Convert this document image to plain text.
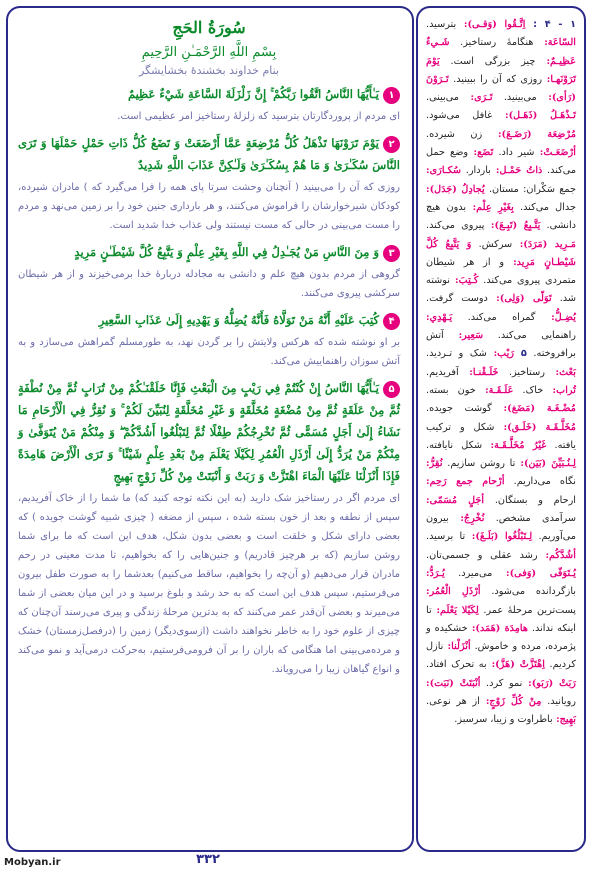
سُورَةُ الحَجِ
بِسْمِ اللَّهِ الرَّحْمَـٰنِ الرَّحِيمِ
بنام خداوند بخشندۀ بخشایشگر
۱يَـٰأَيُّهَا النَّاسُ اتَّقُوا رَبَّكُمْ ۚ إِنَّ زَلْزَلَةَ السَّاعَةِ شَيْءٌ عَظِيمٌ
ای مردم از پروردگارتان بترسید که زلزلۀ رستاخیز امر عظیمی است.
۲يَوْمَ تَرَوْنَهَا تَذْهَلُ كُلُّ مُرْضِعَةٍ عَمَّا أَرْضَعَتْ وَ تَضَعُ كُلُّ ذَاتِ حَمْلٍ حَمْلَهَا وَ تَرَى النَّاسَ سُكَـٰرَىٰ وَ مَا هُمْ بِسُكَـٰرَىٰ وَلَـٰكِنَّ عَذَابَ اللَّهِ شَدِيدٌ
روزی که آن را می‌بینید ( آنچنان وحشت سرتا پای همه را فرا می‌گیرد که ) مادران شیرده، کودکان شیرخوارشان را فراموش می‌کنند، و هر بارداری جنین خود را بر زمین می‌نهد و مردم را مست می‌بینی در حالی که مست نیستند ولی عذاب خدا شدید است.
۳وَ مِنَ النَّاسِ مَنْ يُجَـٰدِلُ فِي اللَّهِ بِغَيْرِ عِلْمٍ وَ يَتَّبِعُ كُلَّ شَيْطَـٰنٍ مَرِيدٍ
گروهی از مردم بدون هیچ علم و دانشی به مجادله دربارۀ خدا برمی‌خیزند و از هر شیطان سرکشی پیروی می‌کنند.
۴كُتِبَ عَلَيْهِ أَنَّهُ مَنْ تَوَلَّاهُ فَأَنَّهُ يُضِلُّهُ وَ يَهْدِيهِ إِلَىٰ عَذَابِ السَّعِيرِ
بر او نوشته شده که هرکس ولایتش را بر گردن نهد، به طورمسلم گمراهش می‌سازد و به آتش سوزان راهنماییش می‌کند.
۵يَـٰأَيُّهَا النَّاسُ إِنْ كُنْتُمْ فِي رَيْبٍ مِنَ الْبَعْثِ فَإِنَّا خَلَقْنَـٰكُمْ مِنْ تُرَابٍ ثُمَّ مِنْ نُطْفَةٍ ثُمَّ مِنْ عَلَقَةٍ ثُمَّ مِنْ مُضْغَةٍ مُخَلَّقَةٍ وَ غَيْرِ مُخَلَّقَةٍ لِنُبَيِّنَ لَكُمْ ۚ وَ نُقِرُّ فِي الْأَرْحَامِ مَا نَشَاءُ إِلَىٰ أَجَلٍ مُسَمًّى ثُمَّ نُخْرِجُكُمْ طِفْلًا ثُمَّ لِتَبْلُغُوا أَشُدَّكُمْ ۖ وَ مِنْكُمْ مَنْ يُتَوَفَّىٰ وَ مِنْكُمْ مَنْ يُرَدُّ إِلَىٰ أَرْذَلِ الْعُمُرِ لِكَيْلَا يَعْلَمَ مِنْ بَعْدِ عِلْمٍ شَيْئًا ۚ وَ تَرَى الْأَرْضَ هَامِدَةً فَإِذَا أَنْزَلْنَا عَلَيْهَا الْمَاءَ اهْتَزَّتْ وَ رَبَتْ وَ أَنْبَتَتْ مِنْ كُلِّ زَوْجٍ بَهِيجٍ
ای مردم اگر در رستاخیز شک دارید (به این نکته توجه کنید که) ما شما را از خاک آفریدیم، سپس از نطفه و بعد از خون بسته شده ، سپس از مضغه ( چیزی شبیه گوشت جویده ) که بعضی دارای شکل و خلقت است و بعضی بدون شکل، هدف این است که ما برای شما روشن سازیم (که بر هرچیز قادریم) و جنین‌هایی را که بخواهیم، تا مدت معینی در رحم مادران قرار می‌دهیم (و آن‌چه را بخواهیم، ساقط می‌کنیم) بعدشما را به صورت طفل بیرون می‌فرستیم، سپس هدف این است که به حد رشد و بلوغ برسید و در این میان بعضی از شما می‌میرند و بعضی آن‌قدر عمر می‌کنند که به بدترین مرحلۀ زندگی و پیری می‌رسند آن‌چنان که چیزی از علوم خود را به خاطر نخواهند داشت (ازسوی‌دیگر) زمین را (درفصل‌زمستان) خشک و مرده‌می‌بینی اما هنگامی که باران را بر آن فرومی‌فرستیم، به‌حرکت درمی‌آید و نمو می‌کند و انواع گیاهان زیبا را می‌رویاند.
۱ - ۴ : اِتَّـقُوا (وَقـی): بترسید. السّاعَة: هنگامۀ رستاخیز. شَـيءٌ عَظِيـمٌ: چیز بزرگی است. يَوْمَ تَرَوْنَهـا: روزی که آن را ببینید. تَـرَوْنَ (رَأی): می‌بینید. تَـرَی: می‌بینی. تَـذْهَـلُ (ذَهَـل): غافل می‌شود. مُرْضِعَة (رَضَـعَ): زن شیرده. أرْضَعَـتْ: شیر داد. تَضَع: وضع حمل می‌کند. ذاتُ حَمْـل: باردار. سُكـارَی: جمع سَكْران: مستان. يُجادِلُ (جَدَل): جدال می‌کند. بِغَيْرِ عِلْم: بدون هیچ دانشی. يَتَّـبِعُ (تَبِـعَ): پیروی می‌کند. مَـرِيد (مَرَدَ): سرکش. وَ يَتَّبِعُ كُلَّ شَيْطـانٍ مَرِيد: و از هر شیطان متمردی پیروی می‌کند. كُـتِبَ: نوشته شد. تَوَلّی (وَلِی): دوست گرفت. يُضِـلُّ: گمراه می‌کند. يَـهْدِي: راهنمایی می‌کند. سَعِير: آتش برافروخته. ۵ رَيْب: شک و تـردید. بَعْث: رستاخیز. خَلَـقْنـا: آفریدیم. تُراب: خاک. عَلَـقَـة: خون بسته. مُضْـغَـة (مَضَغ): گوشت جویده. مُخَلَّـقَـة (خَلَـق): شکل و ترکیب یافته. غَيْرُ مُخَلَّـقَـة: شکل نایافته. لِـنُـبَيِّنَ (بَيَن): تا روشن سازیم. نُقِرُّ: نگاه می‌داریم. أرْحام جمع رَحِم: ارحام و بستگان. أجَلٍ مُسَمّی: سرآمدی مشخص. نُخْرِجُ: بیرون می‌آوریم. لِـتَبْلُغُوا (بَلَـغَ): تا برسید. أشُدَّكُم: رشد عقلی و جسمی‌تان. يُـتَوَفّی (وَفی): می‌میرد. يُـرَدُّ: بازگردانده می‌شود. أرْذَلِ الْعُمُر: پست‌ترین مرحلۀ عمر. لِكَيْلا يَعْلَم: تا اینکه نداند. هامِدَة (هَمَد): خشکیده و پژمرده، مرده و خاموش. أنْزَلْنا: نازل کردیم. اِهْتَزَّتْ (هَزَّ): به تحرک افتاد. رَبَتْ (رَبَو): نمو کرد. أنْبَتَتْ (نَبَت): رویانید. مِنْ كُلِّ زَوْجٍ: از هر نوعی. بَهِيج: باطراوت و زیبا، سرسبز.
۳۳۲
Mobyan.ir
